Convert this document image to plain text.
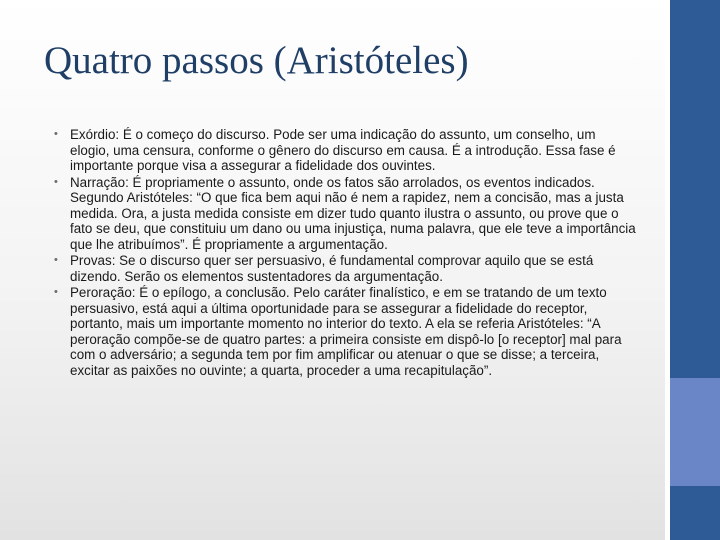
Quatro passos (Aristóteles)
• Exórdio: É o começo do discurso. Pode ser uma indicação do assunto, um conselho, um elogio, uma censura, conforme o gênero do discurso em causa. É a introdução. Essa fase é importante porque visa a assegurar a fidelidade dos ouvintes.
• Narração: É propriamente o assunto, onde os fatos são arrolados, os eventos indicados. Segundo Aristóteles: “O que fica bem aqui não é nem a rapidez, nem a concisão, mas a justa medida. Ora, a justa medida consiste em dizer tudo quanto ilustra o assunto, ou prove que o fato se deu, que constituiu um dano ou uma injustiça, numa palavra, que ele teve a importância que lhe atribuímos”. É propriamente a argumentação.
• Provas: Se o discurso quer ser persuasivo, é fundamental comprovar aquilo que se está dizendo. Serão os elementos sustentadores da argumentação.
• Peroração: É o epílogo, a conclusão. Pelo caráter finalístico, e em se tratando de um texto persuasivo, está aqui a última oportunidade para se assegurar a fidelidade do receptor, portanto, mais um importante momento no interior do texto. A ela se referia Aristóteles: “A peroração compõe-se de quatro partes: a primeira consiste em dispô-lo [o receptor] mal para com o adversário; a segunda tem por fim amplificar ou atenuar o que se disse; a terceira, excitar as paixões no ouvinte; a quarta, proceder a uma recapitulação”.
